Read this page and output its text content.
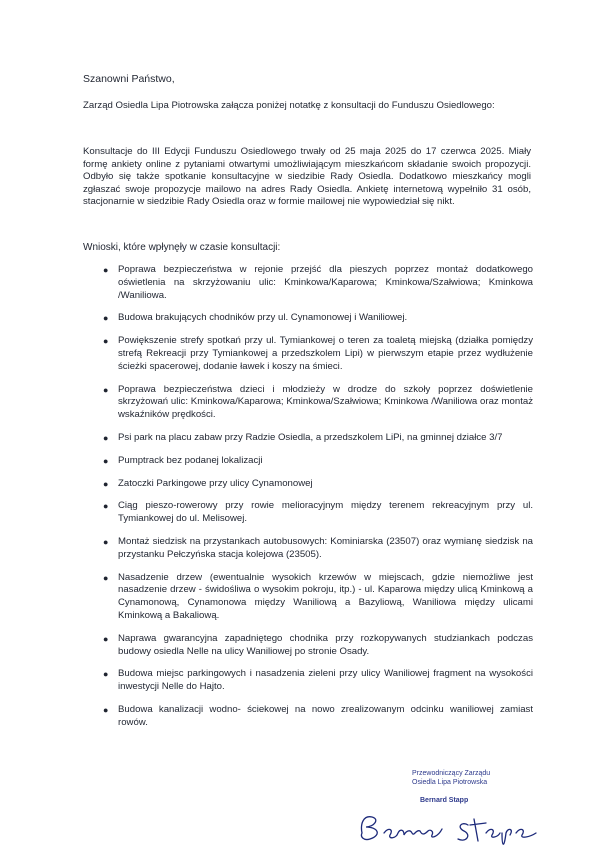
Szanowni Państwo,
Zarząd Osiedla Lipa Piotrowska załącza poniżej notatkę z konsultacji do Funduszu Osiedlowego:

Konsultacje do III Edycji Funduszu Osiedlowego trwały od 25 maja 2025 do 17 czerwca 2025. Miały formę ankiety online z pytaniami otwartymi umożliwiającym mieszkańcom składanie swoich propozycji. Odbyło się także spotkanie konsultacyjne w siedzibie Rady Osiedla. Dodatkowo mieszkańcy mogli zgłaszać swoje propozycje mailowo na adres Rady Osiedla. Ankietę internetową wypełniło 31 osób, stacjonarnie w siedzibie Rady Osiedla oraz w formie mailowej nie wypowiedział się nikt.

Wnioski, które wpłynęły w czasie konsultacji:
● Poprawa bezpieczeństwa w rejonie przejść dla pieszych poprzez montaż dodatkowego oświetlenia na skrzyżowaniu ulic: Kminkowa/Kaparowa; Kminkowa/Szałwiowa; Kminkowa /Waniliowa.
● Budowa brakujących chodników przy ul. Cynamonowej i Waniliowej.
● Powiększenie strefy spotkań przy ul. Tymiankowej o teren za toaletą miejską (działka pomiędzy strefą Rekreacji przy Tymiankowej a przedszkolem Lipi) w pierwszym etapie przez wydłużenie ścieżki spacerowej, dodanie ławek i koszy na śmieci.
● Poprawa bezpieczeństwa dzieci i młodzieży w drodze do szkoły poprzez doświetlenie skrzyżowań ulic: Kminkowa/Kaparowa; Kminkowa/Szałwiowa; Kminkowa /Waniliowa oraz montaż wskaźników prędkości.
● Psi park na placu zabaw przy Radzie Osiedla, a przedszkolem LiPi, na gminnej działce 3/7
● Pumptrack bez podanej lokalizacji
● Zatoczki Parkingowe przy ulicy Cynamonowej
● Ciąg pieszo-rowerowy przy rowie melioracyjnym między terenem rekreacyjnym przy ul. Tymiankowej do ul. Melisowej.
● Montaż siedzisk na przystankach autobusowych: Kominiarska (23507) oraz wymianę siedzisk na przystanku Pełczyńska stacja kolejowa (23505).
● Nasadzenie drzew (ewentualnie wysokich krzewów w miejscach, gdzie niemożliwe jest nasadzenie drzew - świdośliwa o wysokim pokroju, itp.) - ul. Kaparowa między ulicą Kminkową a Cynamonową, Cynamonowa między Waniliową a Bazyliową, Waniliowa między ulicami Kminkową a Bakaliową.
● Naprawa gwarancyjna zapadniętego chodnika przy rozkopywanych studziankach podczas budowy osiedla Nelle na ulicy Waniliowej po stronie Osady.
● Budowa miejsc parkingowych i nasadzenia zieleni przy ulicy Waniliowej fragment na wysokości inwestycji Nelle do Hajto.
● Budowa kanalizacji wodno- ściekowej na nowo zrealizowanym odcinku waniliowej zamiast rowów.
Przewodniczący Zarządu
Osiedla Lipa Piotrowska
Bernard Stapp
